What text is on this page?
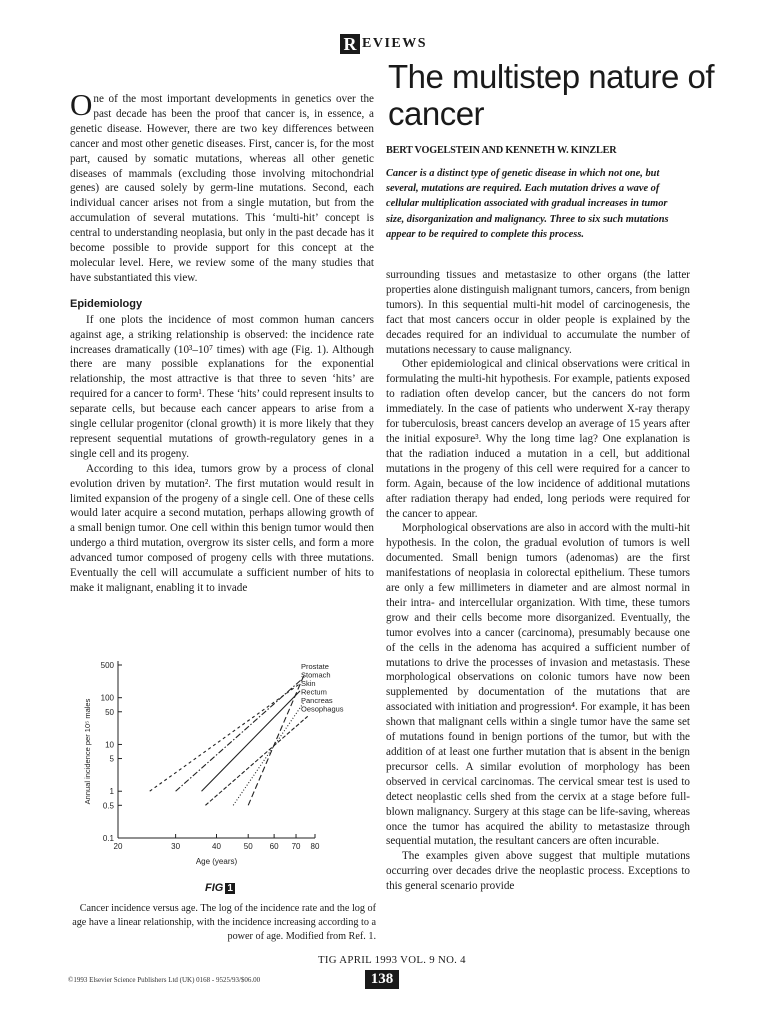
R EVIEWS
The multistep nature of cancer
BERT VOGELSTEIN AND KENNETH W. KINZLER
Cancer is a distinct type of genetic disease in which not one, but several, mutations are required. Each mutation drives a wave of cellular multiplication associated with gradual increases in tumor size, disorganization and malignancy. Three to six such mutations appear to be required to complete this process.

One of the most important developments in genetics over the past decade has been the proof that cancer is, in essence, a genetic disease. However, there are two key differences between cancer and most other genetic diseases. First, cancer is, for the most part, caused by somatic mutations, whereas all other genetic diseases of mammals (excluding those involving mitochondrial genes) are caused solely by germ-line mutations. Second, each individual cancer arises not from a single mutation, but from the accumulation of several mutations. This ‘multi-hit’ concept is central to understanding neoplasia, but only in the past decade has it become possible to provide support for this concept at the molecular level. Here, we review some of the many studies that have substantiated this view.

Epidemiology

If one plots the incidence of most common human cancers against age, a striking relationship is observed: the incidence rate increases dramatically (10³–10⁷ times) with age (Fig. 1). Although there are many possible explanations for the exponential relationship, the most attractive is that three to seven ‘hits’ are required for a cancer to form¹. These ‘hits’ could represent insults to separate cells, but because each cancer appears to arise from a single cellular progenitor (clonal growth) it is more likely that they represent sequential mutations of growth-regulatory genes in a single cell and its progeny.

According to this idea, tumors grow by a process of clonal evolution driven by mutation². The first mutation would result in limited expansion of the progeny of a single cell. One of these cells would later acquire a second mutation, perhaps allowing growth of a small benign tumor. One cell within this benign tumor would then undergo a third mutation, overgrow its sister cells, and form a more advanced tumor composed of progeny cells with three mutations. Eventually the cell will accumulate a sufficient number of hits to make it malignant, enabling it to invade

surrounding tissues and metastasize to other organs (the latter properties alone distinguish malignant tumors, cancers, from benign tumors). In this sequential multi-hit model of carcinogenesis, the fact that most cancers occur in older people is explained by the decades required for an individual to accumulate the number of mutations necessary to cause malignancy.

Other epidemiological and clinical observations were critical in formulating the multi-hit hypothesis. For example, patients exposed to radiation often develop cancer, but the cancers do not form immediately. In the case of patients who underwent X-ray therapy for tuberculosis, breast cancers develop an average of 15 years after the initial exposure³. Why the long time lag? One explanation is that the radiation induced a mutation in a cell, but additional mutations in the progeny of this cell were required for a cancer to form. Again, because of the low incidence of additional mutations after radiation therapy had ended, long periods were required for the cancer to appear.

Morphological observations are also in accord with the multi-hit hypothesis. In the colon, the gradual evolution of tumors is well documented. Small benign tumors (adenomas) are the first manifestations of neoplasia in colorectal epithelium. These tumors are only a few millimeters in diameter and are almost normal in their intra- and intercellular organization. With time, these tumors grow and their cells become more disorganized. Eventually, the tumor evolves into a cancer (carcinoma), presumably because one of the cells in the adenoma has acquired a sufficient number of mutations to drive the processes of invasion and metastasis. These morphological observations on colonic tumors have now been supplemented by documentation of the mutations that are associated with initiation and progression⁴. For example, it has been shown that malignant cells within a single tumor have the same set of mutations found in benign portions of the tumor, but with the addition of at least one further mutation that is absent in the benign precursor cells. A similar evolution of morphology has been observed in cervical carcinomas. The cervical smear test is used to detect neoplastic cells shed from the cervix at a stage before full-blown malignancy. Surgery at this stage can be life-saving, whereas once the tumor has acquired the ability to metastasize through sequential mutation, the resultant cancers are often incurable.

The examples given above suggest that multiple mutations occurring over decades drive the neoplastic process. Exceptions to this general scenario provide

20	30	40	50 60 70 80
0.1
0.5
1
5
10
50
100
500
Age (years)
Annual incidence per 10⁵ males
Prostate
Stomach
Skin
Rectum
Pancreas
Oesophagus
FIG 1
Cancer incidence versus age. The log of the incidence rate and the log of age have a linear relationship, with the incidence increasing according to a power of age. Modified from Ref. 1.
TIG APRIL 1993 VOL. 9 NO. 4
©1993 Elsevier Science Publishers Ltd (UK) 0168 - 9525/93/$06.00	138
